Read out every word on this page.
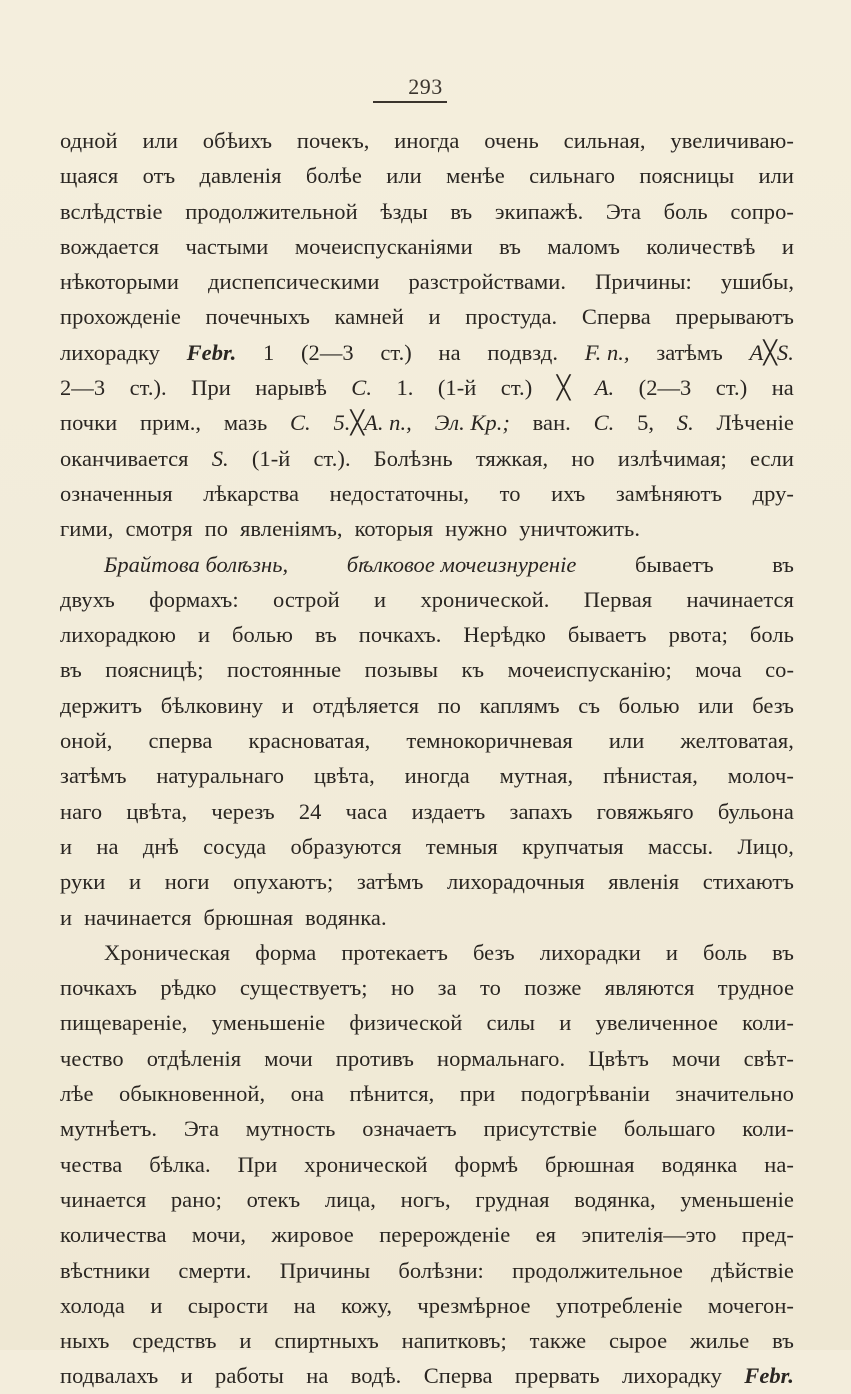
293
одной или обѣихъ почекъ, иногда очень сильная, увеличиваю-
щаяся отъ давленія болѣе или менѣе сильнаго поясницы или
вслѣдствіе продолжительной ѣзды въ экипажѣ. Эта боль сопро-
вождается частыми мочеиспусканіями въ маломъ количествѣ и
нѣкоторыми диспепсическими разстройствами. Причины: ушибы,
прохожденіе почечныхъ камней и простуда. Сперва прерываютъ
лихорадку Febr. 1 (2—3 ст.) на подвзд. F. n., затѣмъ A╳S.
2—3 ст.). При нарывѣ C. 1. (1-й ст.) ╳ A. (2—3 ст.) на
почки прим., мазь C. 5.╳A. n., Эл. Кр.; ван. C. 5, S. Лѣченіе
оканчивается S. (1-й ст.). Болѣзнь тяжкая, но излѣчимая; если
означенныя лѣкарства недостаточны, то ихъ замѣняютъ дру-
гими, смотря по явленіямъ, которыя нужно уничтожить.
Брайтова болѣзнь,	бѣлковое мочеизнуреніе	бываетъ	въ
двухъ формахъ: острой и хронической. Первая начинается
лихорадкою и болью въ почкахъ. Нерѣдко бываетъ рвота; боль
въ поясницѣ; постоянные позывы къ мочеиспусканію; моча со-
держитъ бѣлковину и отдѣляется по каплямъ съ болью или безъ
оной, сперва красноватая, темнокоричневая или желтоватая,
затѣмъ натуральнаго цвѣта, иногда мутная, пѣнистая, молоч-
наго цвѣта, черезъ 24 часа издаетъ запахъ говяжьяго бульона
и на днѣ сосуда образуются темныя крупчатыя массы. Лицо,
руки и ноги опухаютъ; затѣмъ лихорадочныя явленія стихаютъ
и начинается брюшная водянка.
Хроническая форма протекаетъ безъ лихорадки и боль въ
почкахъ рѣдко существуетъ; но за то позже являются трудное
пищевареніе, уменьшеніе физической силы и увеличенное коли-
чество отдѣленія мочи противъ нормальнаго. Цвѣтъ мочи свѣт-
лѣе обыкновенной, она пѣнится, при подогрѣваніи значительно
мутнѣетъ. Эта мутность означаетъ присутствіе большаго коли-
чества бѣлка. При хронической формѣ брюшная водянка на-
чинается рано; отекъ лица, ногъ, грудная водянка, уменьшеніе
количества мочи, жировое перерожденіе ея эпителія—это пред-
вѣстники смерти. Причины болѣзни: продолжительное дѣйствіе
холода и сырости на кожу, чрезмѣрное употребленіе мочегон-
ныхъ средствъ и спиртныхъ напитковъ; также сырое жилье въ
подвалахъ и работы на водѣ. Сперва прервать лихорадку Febr.
